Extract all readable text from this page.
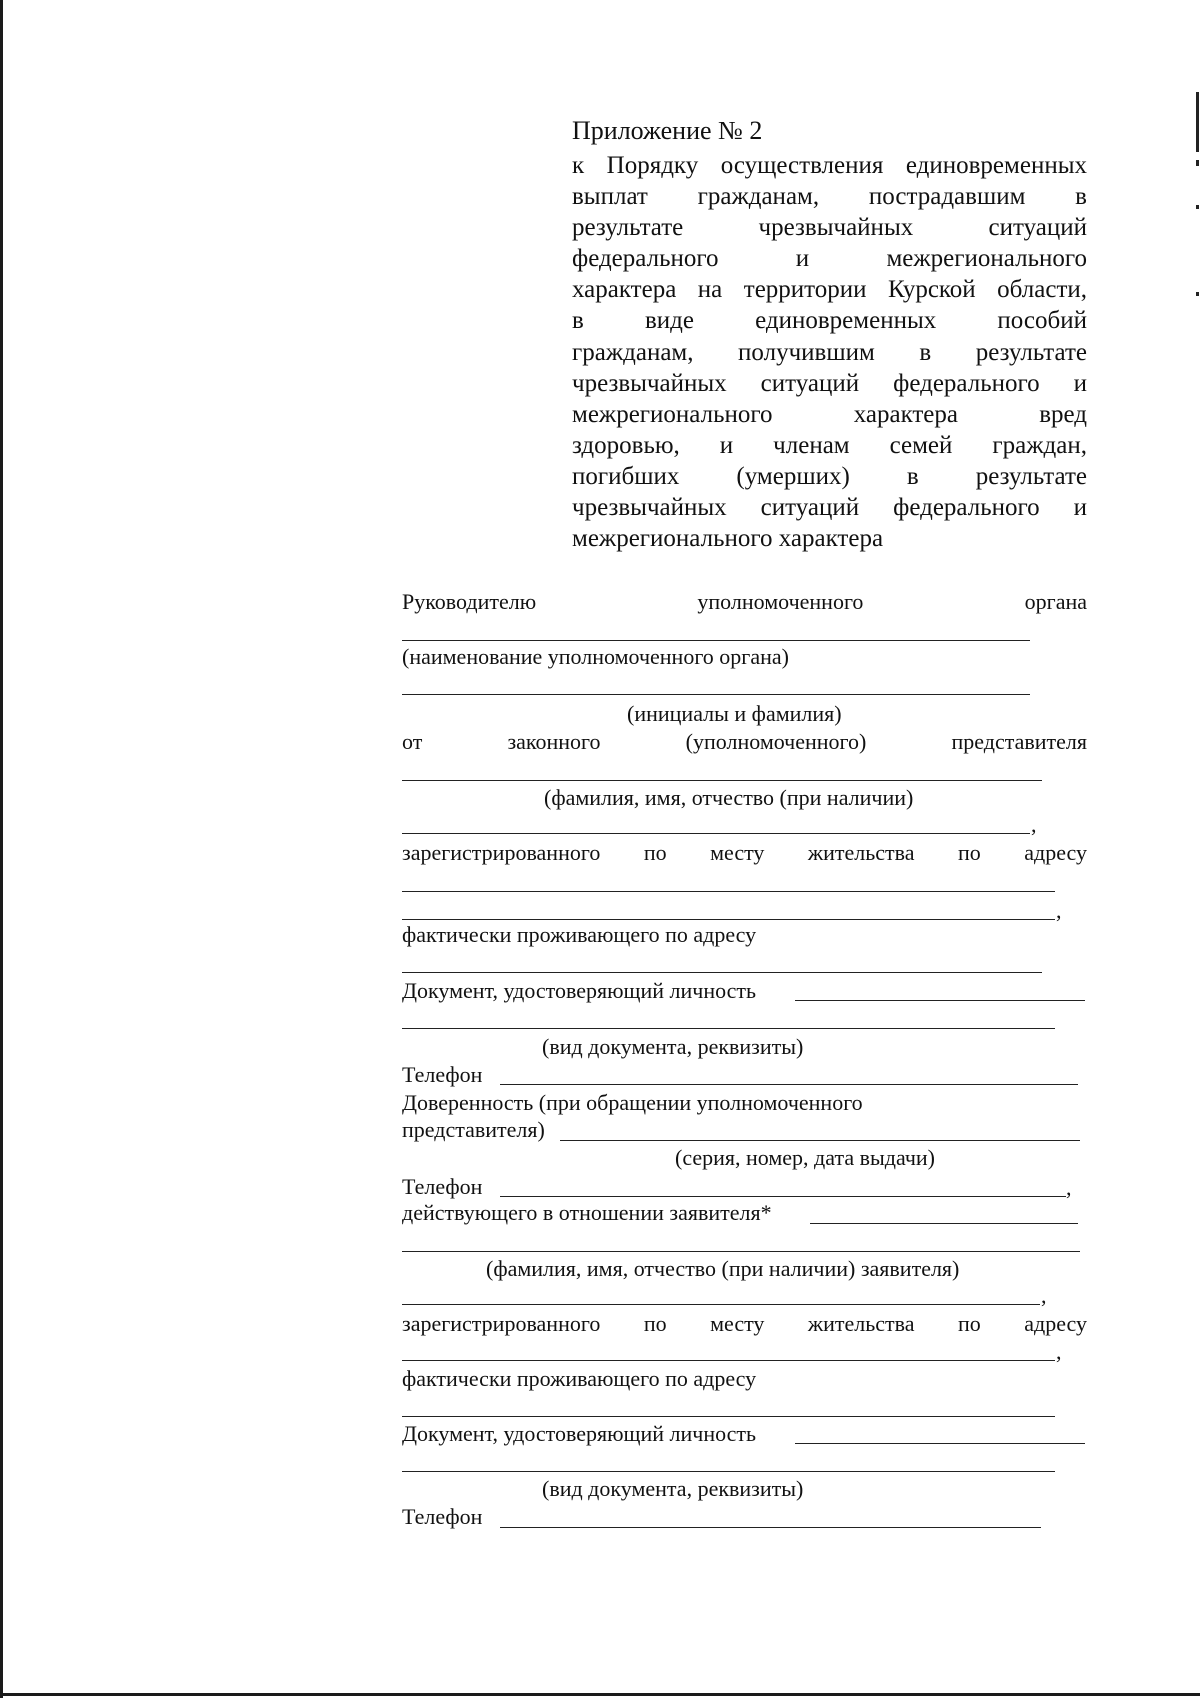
Приложение № 2
к Порядку осуществления единовременных
выплат гражданам, пострадавшим в
результате чрезвычайных ситуаций
федерального и межрегионального
характера на территории Курской области,
в виде единовременных пособий
гражданам, получившим в результате
чрезвычайных ситуаций федерального и
межрегионального характера вред
здоровью, и членам семей граждан,
погибших (умерших) в результате
чрезвычайных ситуаций федерального и
межрегионального характера
Руководителю	уполномоченного	органа
(наименование уполномоченного органа)
(инициалы и фамилия)
от	законного	(уполномоченного)	представителя
(фамилия, имя, отчество (при наличии)
,
зарегистрированного по месту жительства по адресу
,
фактически проживающего по адресу
Документ, удостоверяющий личность
(вид документа, реквизиты)
Телефон
Доверенность (при обращении уполномоченного
представителя)
(серия, номер, дата выдачи)
Телефон	,
действующего в отношении заявителя*
(фамилия, имя, отчество (при наличии) заявителя)
,
зарегистрированного по месту жительства по адресу
,
фактически проживающего по адресу
Документ, удостоверяющий личность
(вид документа, реквизиты)
Телефон
